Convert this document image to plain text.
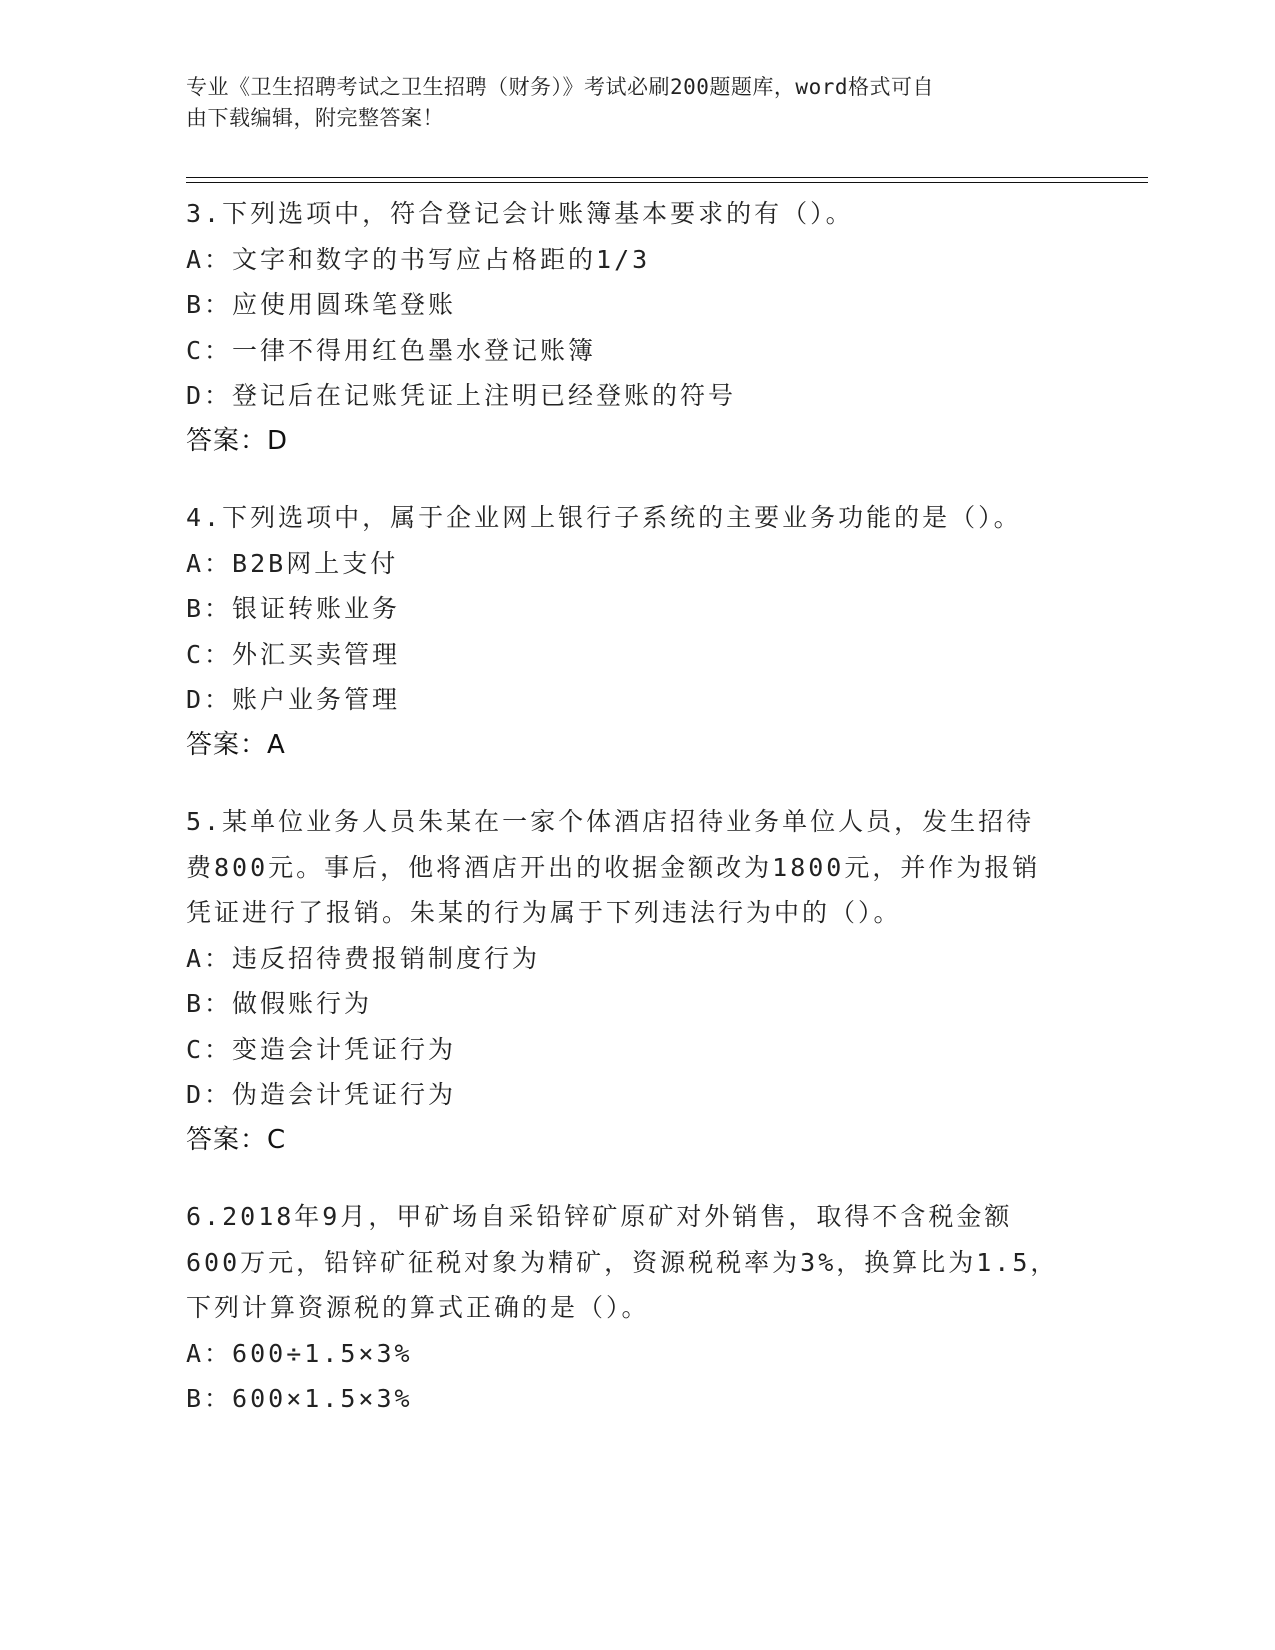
专业《卫生招聘考试之卫生招聘（财务）》考试必刷200题题库，word格式可自
由下载编辑，附完整答案！
3.下列选项中，符合登记会计账簿基本要求的有（）。
A：文字和数字的书写应占格距的1/3
B：应使用圆珠笔登账
C：一律不得用红色墨水登记账簿
D：登记后在记账凭证上注明已经登账的符号
答案：D
4.下列选项中，属于企业网上银行子系统的主要业务功能的是（）。
A：B2B网上支付
B：银证转账业务
C：外汇买卖管理
D：账户业务管理
答案：A
5.某单位业务人员朱某在一家个体酒店招待业务单位人员，发生招待
费800元。事后，他将酒店开出的收据金额改为1800元，并作为报销
凭证进行了报销。朱某的行为属于下列违法行为中的（）。
A：违反招待费报销制度行为
B：做假账行为
C：变造会计凭证行为
D：伪造会计凭证行为
答案：C
6.2018年9月，甲矿场自采铅锌矿原矿对外销售，取得不含税金额
600万元，铅锌矿征税对象为精矿，资源税税率为3%，换算比为1.5，
下列计算资源税的算式正确的是（）。
A：600÷1.5×3%
B：600×1.5×3%
